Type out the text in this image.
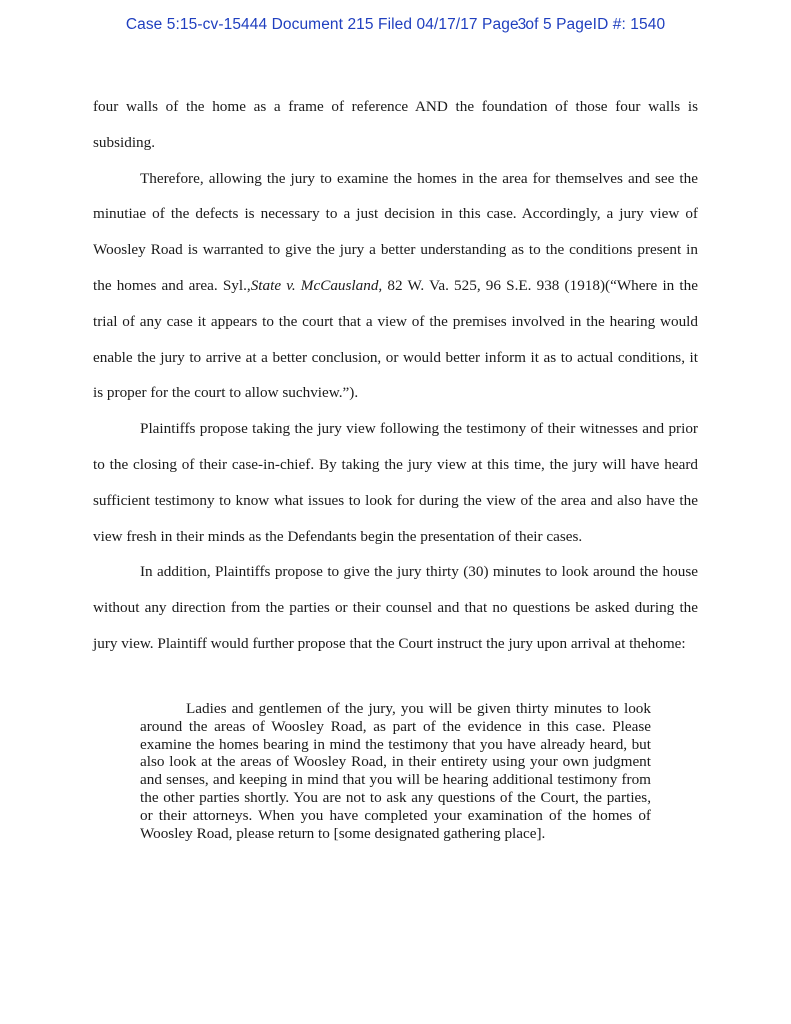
Case 5:15-cv-15444 Document 215 Filed 04/17/17 Page3of 5 PageID #: 1540

four walls of the home as a frame of reference AND the foundation of those four walls is subsiding.

Therefore, allowing the jury to examine the homes in the area for themselves and see the minutiae of the defects is necessary to a just decision in this case. Accordingly, a jury view of Woosley Road is warranted to give the jury a better understanding as to the conditions present in the homes and area. Syl.,State v. McCausland, 82 W. Va. 525, 96 S.E. 938 (1918)(“Where in the trial of any case it appears to the court that a view of the premises involved in the hearing would enable the jury to arrive at a better conclusion, or would better inform it as to actual conditions, it is proper for the court to allow suchview.”).

Plaintiffs propose taking the jury view following the testimony of their witnesses and prior to the closing of their case-in-chief. By taking the jury view at this time, the jury will have heard sufficient testimony to know what issues to look for during the view of the area and also have the view fresh in their minds as the Defendants begin the presentation of their cases.

In addition, Plaintiffs propose to give the jury thirty (30) minutes to look around the house without any direction from the parties or their counsel and that no questions be asked during the jury view. Plaintiff would further propose that the Court instruct the jury upon arrival at thehome:

Ladies and gentlemen of the jury, you will be given thirty minutes to look around the areas of Woosley Road, as part of the evidence in this case. Please examine the homes bearing in mind the testimony that you have already heard, but also look at the areas of Woosley Road, in their entirety using your own judgment and senses, and keeping in mind that you will be hearing additional testimony from the other parties shortly. You are not to ask any questions of the Court, the parties, or their attorneys. When you have completed your examination of the homes of Woosley Road, please return to [some designated gathering place].
